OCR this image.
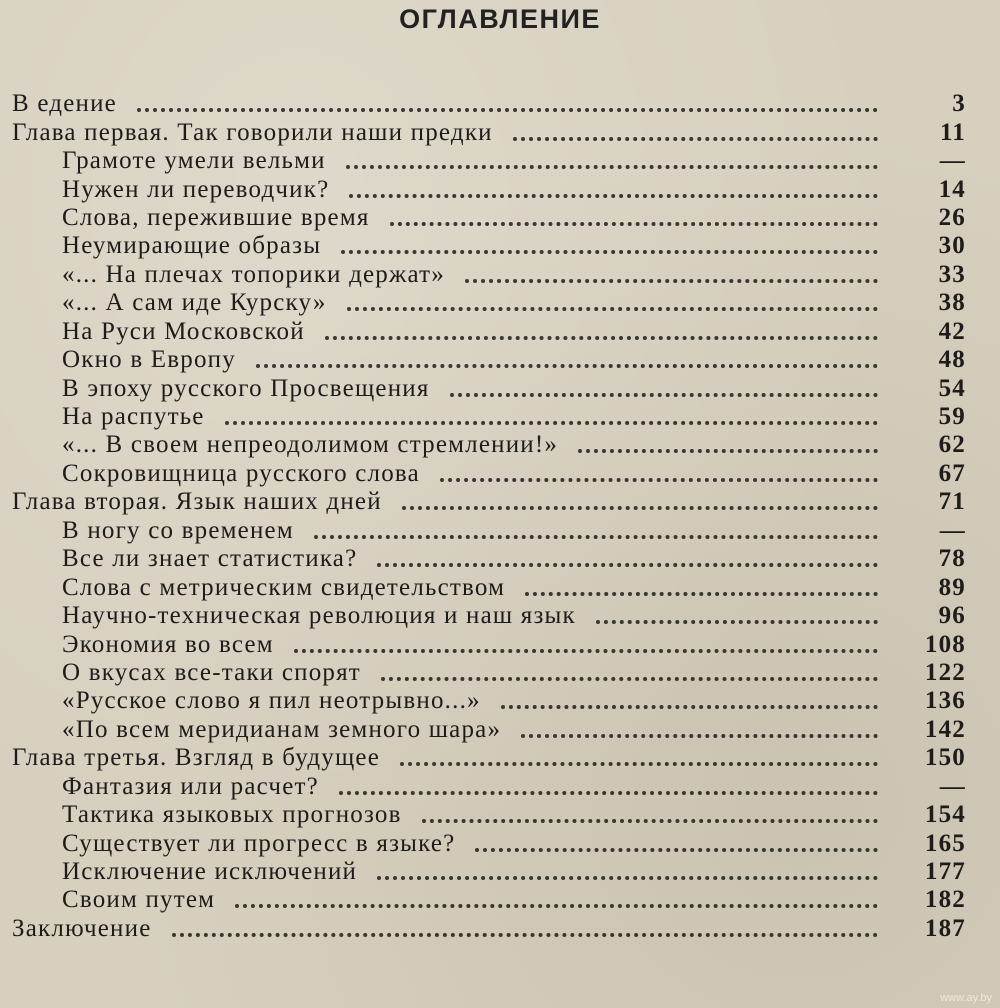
ОГЛАВЛЕНИЕ
В едение	3
Глава первая. Так говорили наши предки	11
Грамоте умели вельми	—
Нужен ли переводчик?	14
Слова, пережившие время	26
Неумирающие образы	30
«... На плечах топорики держат»	33
«... А сам иде Курску»	38
На Руси Московской	42
Окно в Европу	48
В эпоху русского Просвещения	54
На распутье	59
«... В своем непреодолимом стремлении!»	62
Сокровищница русского слова	67
Глава вторая. Язык наших дней	71
В ногу со временем	—
Все ли знает статистика?	78
Слова с метрическим свидетельством	89
Научно-техническая революция и наш язык	96
Экономия во всем	108
О вкусах все-таки спорят	122
«Русское слово я пил неотрывно...»	136
«По всем меридианам земного шара»	142
Глава третья. Взгляд в будущее	150
Фантазия или расчет?	—
Тактика языковых прогнозов	154
Существует ли прогресс в языке?	165
Исключение исключений	177
Своим путем	182
Заключение	187
www.ay.by
